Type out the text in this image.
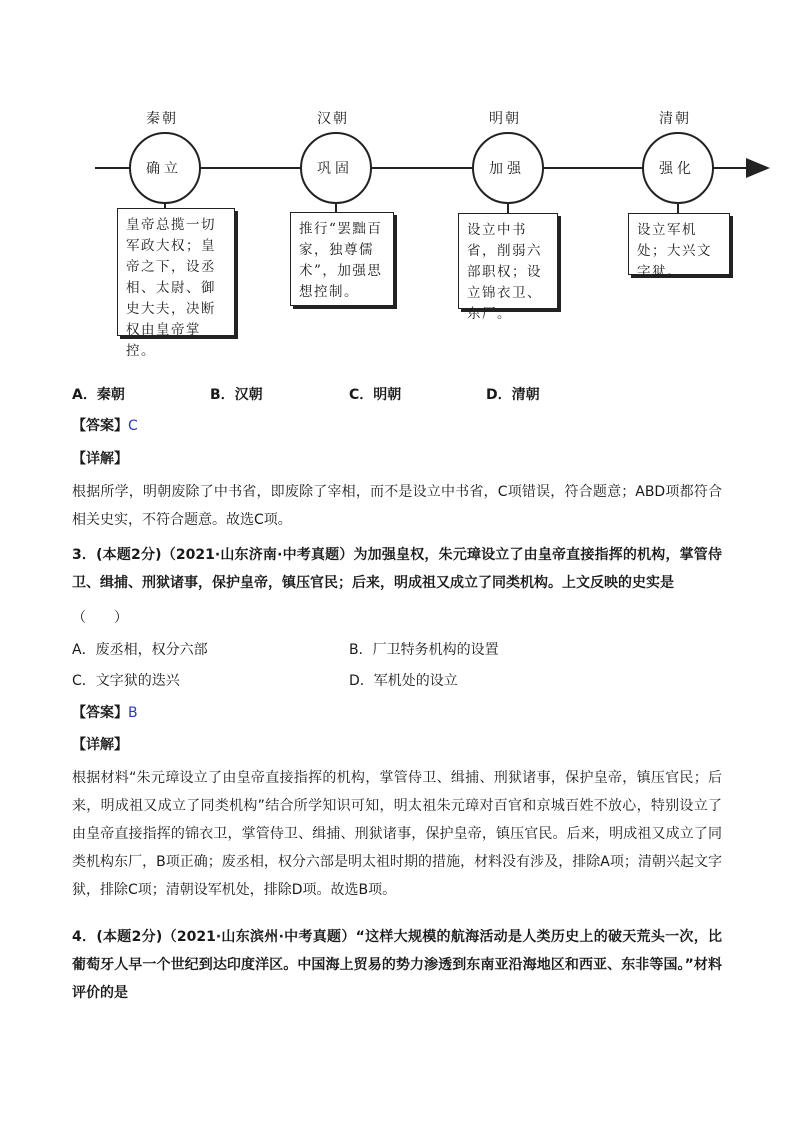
秦朝	汉朝	明朝	清朝
确立	巩固	加强	强化
皇帝总揽一切军政大权；皇帝之下，设丞相、太尉、御史大夫，决断权由皇帝掌控。
推行“罢黜百家，独尊儒术”，加强思想控制。
设立中书省，削弱六部职权；设立锦衣卫、东厂。
设立军机处；大兴文字狱。
A．秦朝	B．汉朝	C．明朝	D．清朝
【答案】C
【详解】
根据所学，明朝废除了中书省，即废除了宰相，而不是设立中书省，C项错误，符合题意；ABD项都符合相关史实，不符合题意。故选C项。
3．(本题2分)（2021·山东济南·中考真题）为加强皇权，朱元璋设立了由皇帝直接指挥的机构，掌管侍卫、缉捕、刑狱诸事，保护皇帝，镇压官民；后来，明成祖又成立了同类机构。上文反映的史实是
（　　）
A．废丞相，权分六部	B．厂卫特务机构的设置
C．文字狱的迭兴	D．军机处的设立
【答案】B
【详解】
根据材料“朱元璋设立了由皇帝直接指挥的机构，掌管侍卫、缉捕、刑狱诸事，保护皇帝，镇压官民；后来，明成祖又成立了同类机构”结合所学知识可知，明太祖朱元璋对百官和京城百姓不放心，特别设立了由皇帝直接指挥的锦衣卫，掌管侍卫、缉捕、刑狱诸事，保护皇帝，镇压官民。后来，明成祖又成立了同类机构东厂，B项正确；废丞相，权分六部是明太祖时期的措施，材料没有涉及，排除A项；清朝兴起文字狱，排除C项；清朝设军机处，排除D项。故选B项。
4．(本题2分)（2021·山东滨州·中考真题）“这样大规模的航海活动是人类历史上的破天荒头一次，比葡萄牙人早一个世纪到达印度洋区。中国海上贸易的势力渗透到东南亚沿海地区和西亚、东非等国。”材料评价的是
